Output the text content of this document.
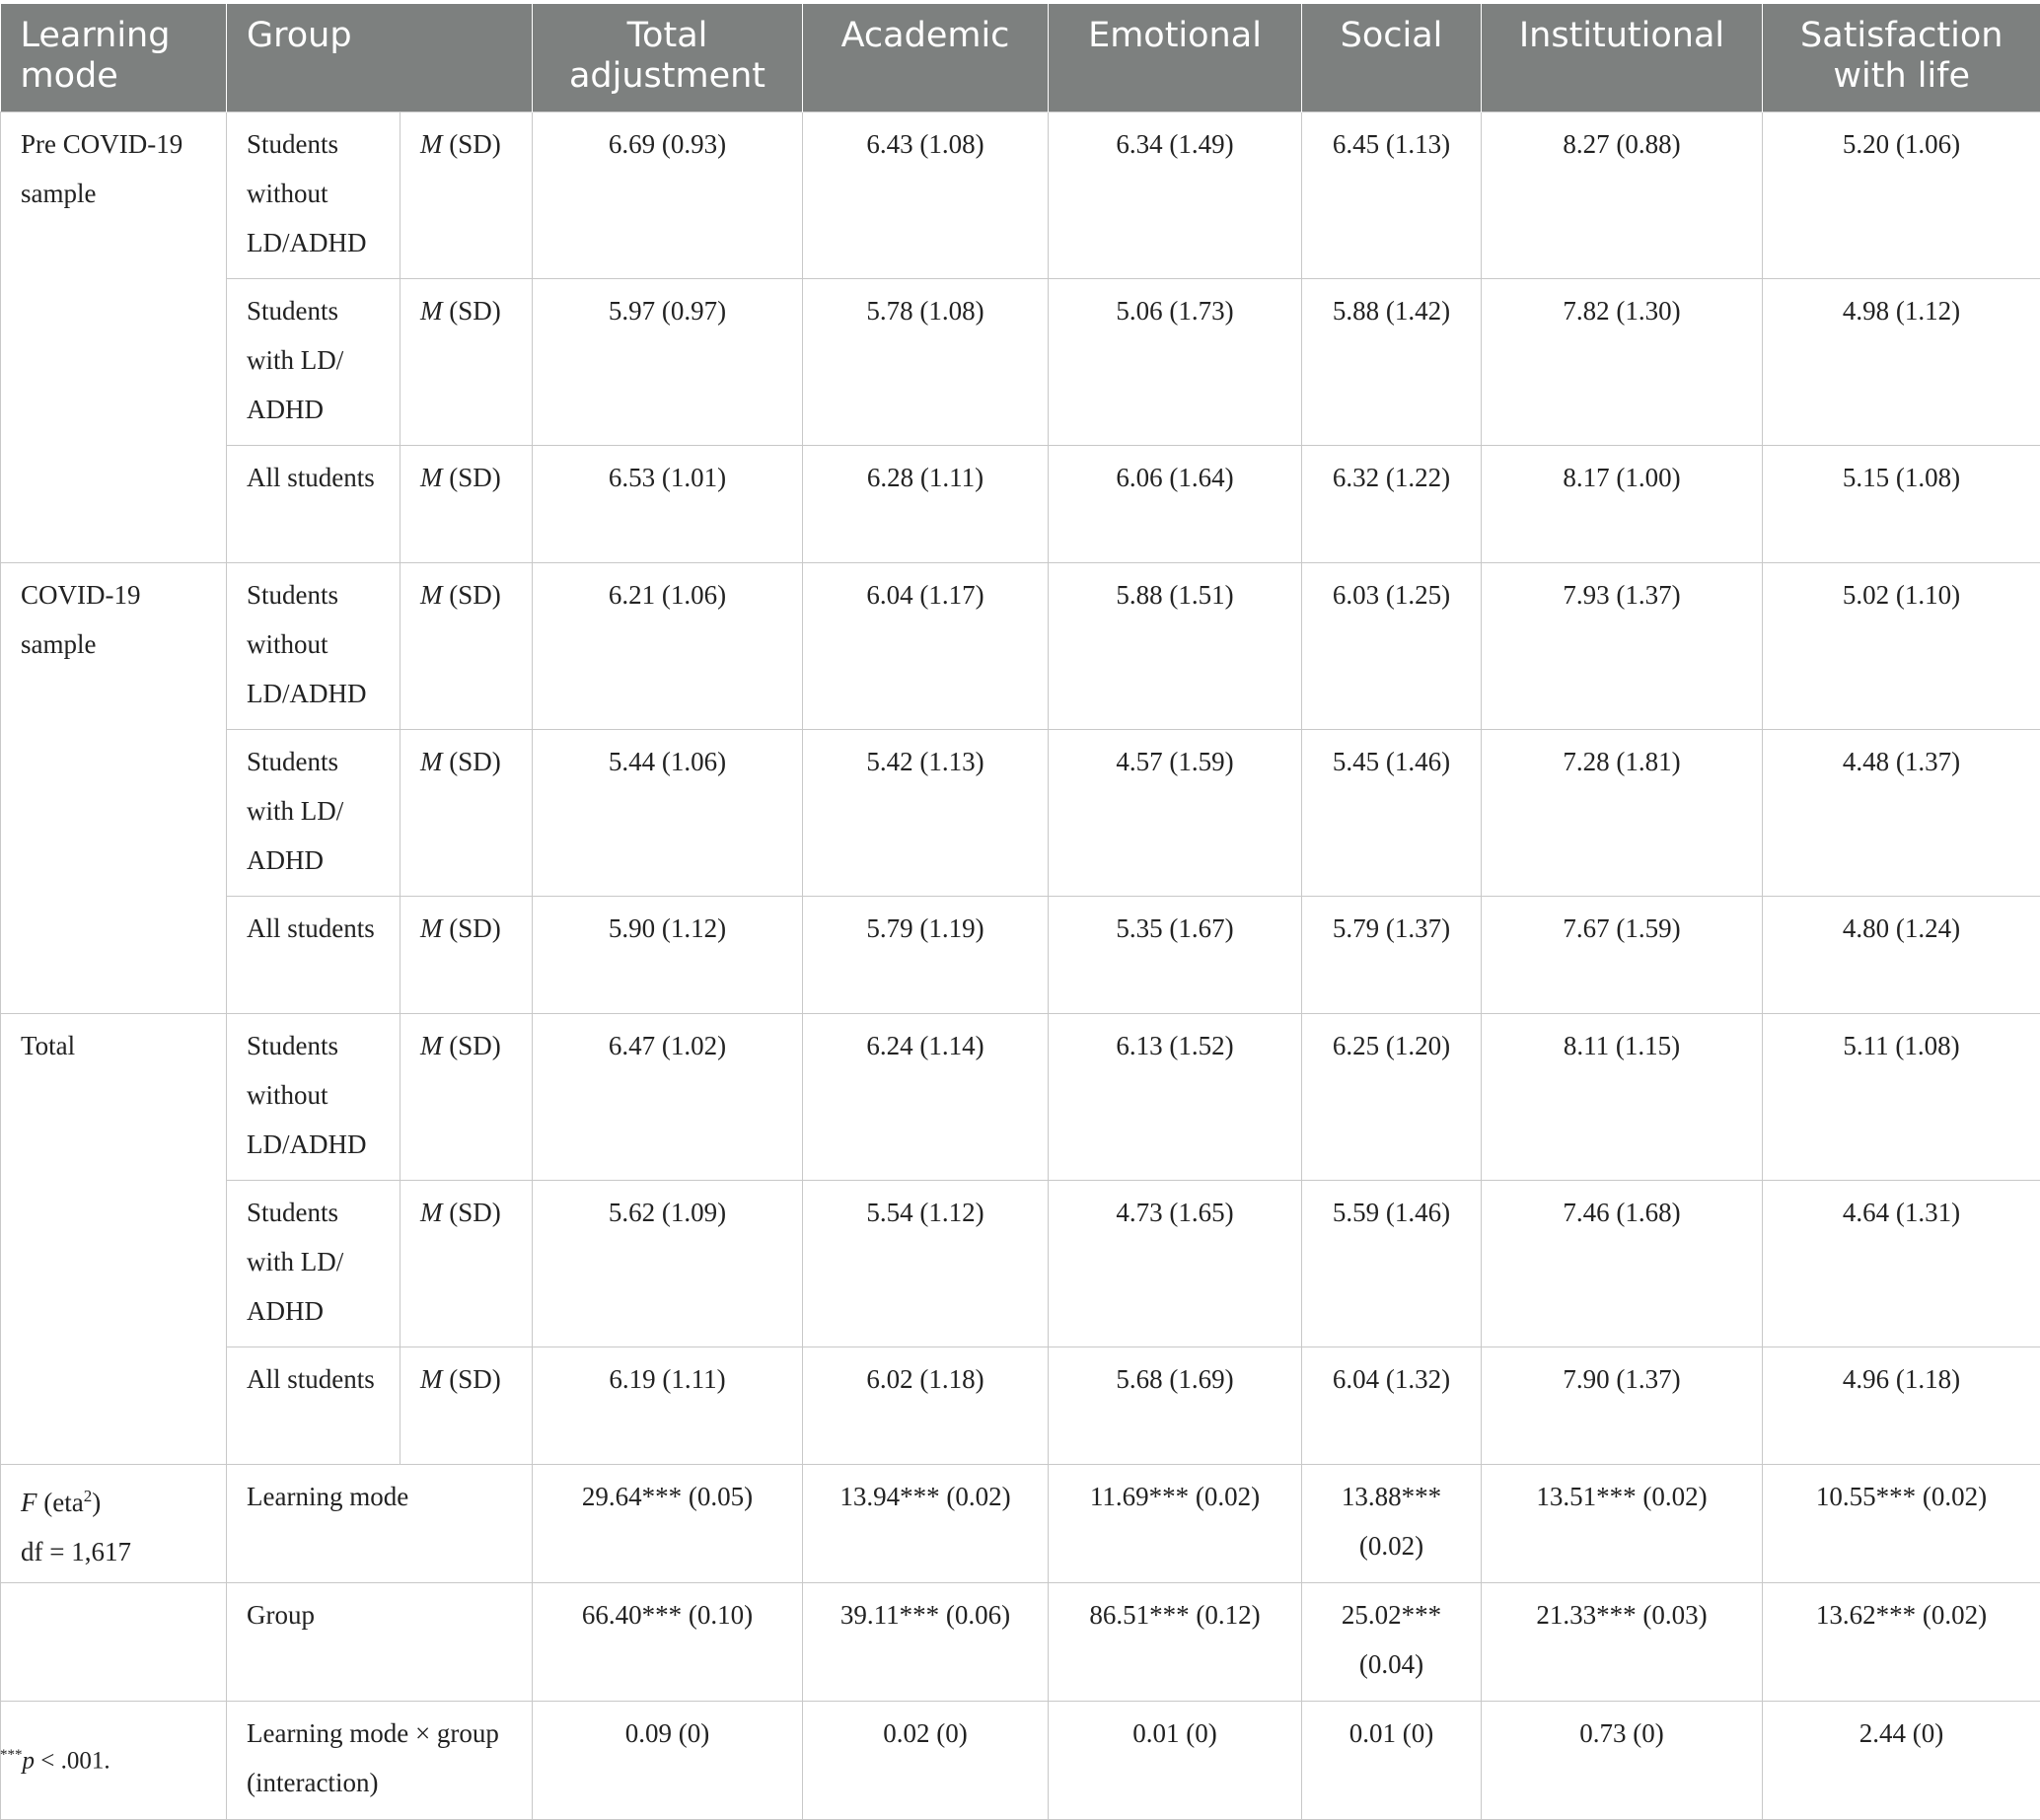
Learning mode	Group		Total adjustment	Academic	Emotional	Social	Institutional	Satisfaction with life
Pre COVID-19 sample	Students without LD/ADHD	M (SD)	6.69 (0.93)	6.43 (1.08)	6.34 (1.49)	6.45 (1.13)	8.27 (0.88)	5.20 (1.06)
	Students with LD/ ADHD	M (SD)	5.97 (0.97)	5.78 (1.08)	5.06 (1.73)	5.88 (1.42)	7.82 (1.30)	4.98 (1.12)
	All students	M (SD)	6.53 (1.01)	6.28 (1.11)	6.06 (1.64)	6.32 (1.22)	8.17 (1.00)	5.15 (1.08)
COVID-19 sample	Students without LD/ADHD	M (SD)	6.21 (1.06)	6.04 (1.17)	5.88 (1.51)	6.03 (1.25)	7.93 (1.37)	5.02 (1.10)
	Students with LD/ ADHD	M (SD)	5.44 (1.06)	5.42 (1.13)	4.57 (1.59)	5.45 (1.46)	7.28 (1.81)	4.48 (1.37)
	All students	M (SD)	5.90 (1.12)	5.79 (1.19)	5.35 (1.67)	5.79 (1.37)	7.67 (1.59)	4.80 (1.24)
Total	Students without LD/ADHD	M (SD)	6.47 (1.02)	6.24 (1.14)	6.13 (1.52)	6.25 (1.20)	8.11 (1.15)	5.11 (1.08)
	Students with LD/ ADHD	M (SD)	5.62 (1.09)	5.54 (1.12)	4.73 (1.65)	5.59 (1.46)	7.46 (1.68)	4.64 (1.31)
	All students	M (SD)	6.19 (1.11)	6.02 (1.18)	5.68 (1.69)	6.04 (1.32)	7.90 (1.37)	4.96 (1.18)

F (eta$^2$)
df = 1,617	Learning mode		29.64*** (0.05)	13.94*** (0.02)	11.69*** (0.02)	13.88*** (0.02)	13.51*** (0.02)	10.55*** (0.02)
	Group		66.40*** (0.10)	39.11*** (0.06)	86.51*** (0.12)	25.02*** (0.04)	21.33*** (0.03)	13.62*** (0.02)
	Learning mode × group (interaction)		0.09 (0)	0.02 (0)	0.01 (0)	0.01 (0)	0.73 (0)	2.44 (0)
***p < .001.
